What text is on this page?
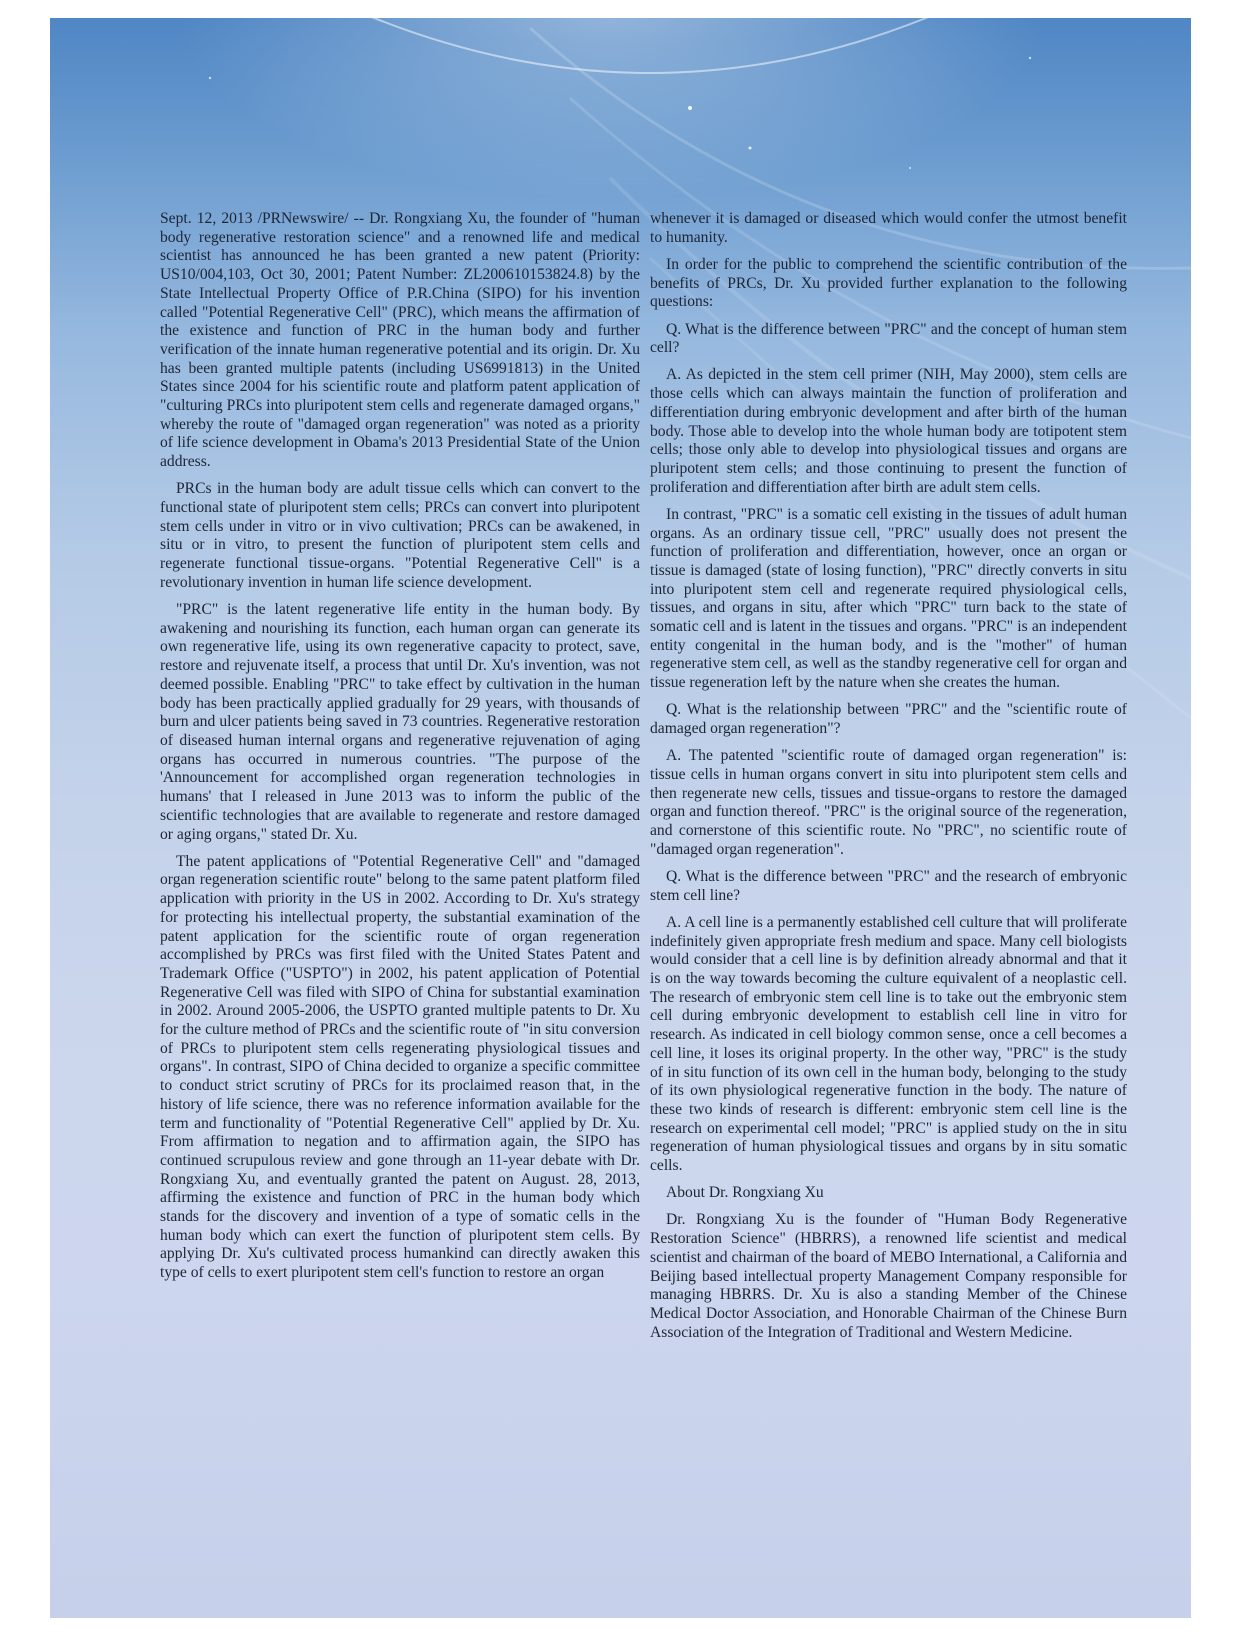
Sept. 12, 2013 /PRNewswire/ -- Dr. Rongxiang Xu, the founder of "human body regenerative restoration science" and a renowned life and medical scientist has announced he has been granted a new patent (Priority: US10/004,103, Oct 30, 2001; Patent Number: ZL200610153824.8) by the State Intellectual Property Office of P.R.China (SIPO) for his invention called "Potential Regenerative Cell" (PRC), which means the affirmation of the existence and function of PRC in the human body and further verification of the innate human regenerative potential and its origin. Dr. Xu has been granted multiple patents (including US6991813) in the United States since 2004 for his scientific route and platform patent application of "culturing PRCs into pluripotent stem cells and regenerate damaged organs," whereby the route of "damaged organ regeneration" was noted as a priority of life science development in Obama's 2013 Presidential State of the Union address.

PRCs in the human body are adult tissue cells which can convert to the functional state of pluripotent stem cells; PRCs can convert into pluripotent stem cells under in vitro or in vivo cultivation; PRCs can be awakened, in situ or in vitro, to present the function of pluripotent stem cells and regenerate functional tissue-organs. "Potential Regenerative Cell" is a revolutionary invention in human life science development.

"PRC" is the latent regenerative life entity in the human body. By awakening and nourishing its function, each human organ can generate its own regenerative life, using its own regenerative capacity to protect, save, restore and rejuvenate itself, a process that until Dr. Xu's invention, was not deemed possible. Enabling "PRC" to take effect by cultivation in the human body has been practically applied gradually for 29 years, with thousands of burn and ulcer patients being saved in 73 countries. Regenerative restoration of diseased human internal organs and regenerative rejuvenation of aging organs has occurred in numerous countries. "The purpose of the 'Announcement for accomplished organ regeneration technologies in humans' that I released in June 2013 was to inform the public of the scientific technologies that are available to regenerate and restore damaged or aging organs," stated Dr. Xu.

The patent applications of "Potential Regenerative Cell" and "damaged organ regeneration scientific route" belong to the same patent platform filed application with priority in the US in 2002. According to Dr. Xu's strategy for protecting his intellectual property, the substantial examination of the patent application for the scientific route of organ regeneration accomplished by PRCs was first filed with the United States Patent and Trademark Office ("USPTO") in 2002, his patent application of Potential Regenerative Cell was filed with SIPO of China for substantial examination in 2002. Around 2005-2006, the USPTO granted multiple patents to Dr. Xu for the culture method of PRCs and the scientific route of "in situ conversion of PRCs to pluripotent stem cells regenerating physiological tissues and organs". In contrast, SIPO of China decided to organize a specific committee to conduct strict scrutiny of PRCs for its proclaimed reason that, in the history of life science, there was no reference information available for the term and functionality of "Potential Regenerative Cell" applied by Dr. Xu. From affirmation to negation and to affirmation again, the SIPO has continued scrupulous review and gone through an 11-year debate with Dr. Rongxiang Xu, and eventually granted the patent on August. 28, 2013, affirming the existence and function of PRC in the human body which stands for the discovery and invention of a type of somatic cells in the human body which can exert the function of pluripotent stem cells. By applying Dr. Xu's cultivated process humankind can directly awaken this type of cells to exert pluripotent stem cell's function to restore an organ

whenever it is damaged or diseased which would confer the utmost benefit to humanity.

In order for the public to comprehend the scientific contribution of the benefits of PRCs, Dr. Xu provided further explanation to the following questions:

Q. What is the difference between "PRC" and the concept of human stem cell?

A. As depicted in the stem cell primer (NIH, May 2000), stem cells are those cells which can always maintain the function of proliferation and differentiation during embryonic development and after birth of the human body. Those able to develop into the whole human body are totipotent stem cells; those only able to develop into physiological tissues and organs are pluripotent stem cells; and those continuing to present the function of proliferation and differentiation after birth are adult stem cells.

In contrast, "PRC" is a somatic cell existing in the tissues of adult human organs. As an ordinary tissue cell, "PRC" usually does not present the function of proliferation and differentiation, however, once an organ or tissue is damaged (state of losing function), "PRC" directly converts in situ into pluripotent stem cell and regenerate required physiological cells, tissues, and organs in situ, after which "PRC" turn back to the state of somatic cell and is latent in the tissues and organs. "PRC" is an independent entity congenital in the human body, and is the "mother" of human regenerative stem cell, as well as the standby regenerative cell for organ and tissue regeneration left by the nature when she creates the human.

Q. What is the relationship between "PRC" and the "scientific route of damaged organ regeneration"?

A. The patented "scientific route of damaged organ regeneration" is: tissue cells in human organs convert in situ into pluripotent stem cells and then regenerate new cells, tissues and tissue-organs to restore the damaged organ and function thereof. "PRC" is the original source of the regeneration, and cornerstone of this scientific route. No "PRC", no scientific route of "damaged organ regeneration".

Q. What is the difference between "PRC" and the research of embryonic stem cell line?

A. A cell line is a permanently established cell culture that will proliferate indefinitely given appropriate fresh medium and space. Many cell biologists would consider that a cell line is by definition already abnormal and that it is on the way towards becoming the culture equivalent of a neoplastic cell. The research of embryonic stem cell line is to take out the embryonic stem cell during embryonic development to establish cell line in vitro for research. As indicated in cell biology common sense, once a cell becomes a cell line, it loses its original property. In the other way, "PRC" is the study of in situ function of its own cell in the human body, belonging to the study of its own physiological regenerative function in the body. The nature of these two kinds of research is different: embryonic stem cell line is the research on experimental cell model; "PRC" is applied study on the in situ regeneration of human physiological tissues and organs by in situ somatic cells.

About Dr. Rongxiang Xu

Dr. Rongxiang Xu is the founder of "Human Body Regenerative Restoration Science" (HBRRS), a renowned life scientist and medical scientist and chairman of the board of MEBO International, a California and Beijing based intellectual property Management Company responsible for managing HBRRS. Dr. Xu is also a standing Member of the Chinese Medical Doctor Association, and Honorable Chairman of the Chinese Burn Association of the Integration of Traditional and Western Medicine.
